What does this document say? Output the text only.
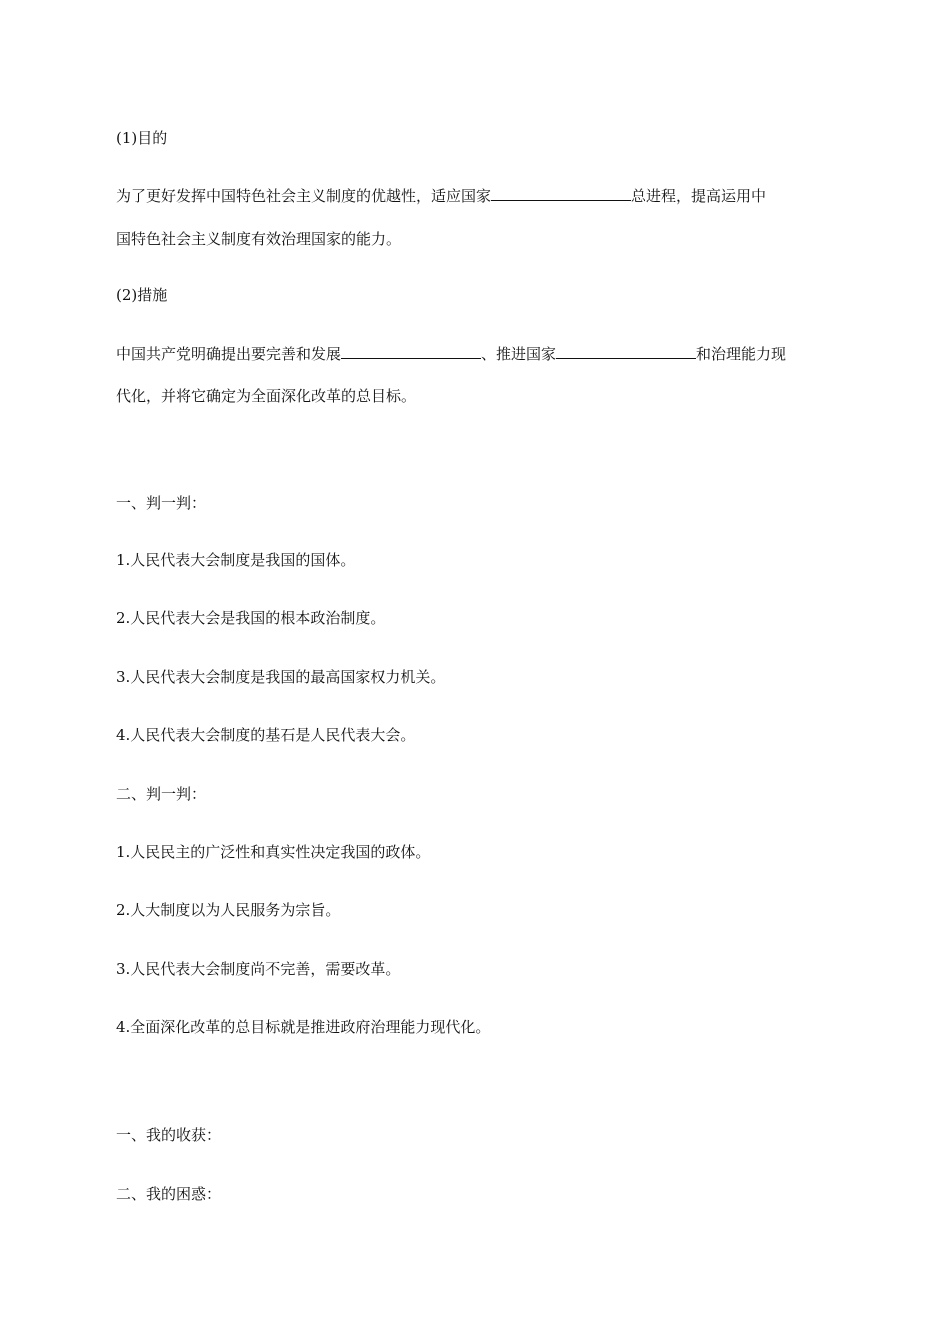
(1)目的
为了更好发挥中国特色社会主义制度的优越性，适应国家	总进程，提高运用中
国特色社会主义制度有效治理国家的能力。
(2)措施
中国共产党明确提出要完善和发展	、推进国家	和治理能力现
代化，并将它确定为全面深化改革的总目标。
一、判一判：
1.人民代表大会制度是我国的国体。
2.人民代表大会是我国的根本政治制度。
3.人民代表大会制度是我国的最高国家权力机关。
4.人民代表大会制度的基石是人民代表大会。
二、判一判：
1.人民民主的广泛性和真实性决定我国的政体。
2.人大制度以为人民服务为宗旨。
3.人民代表大会制度尚不完善，需要改革。
4.全面深化改革的总目标就是推进政府治理能力现代化。
一、我的收获：
二、我的困惑：
